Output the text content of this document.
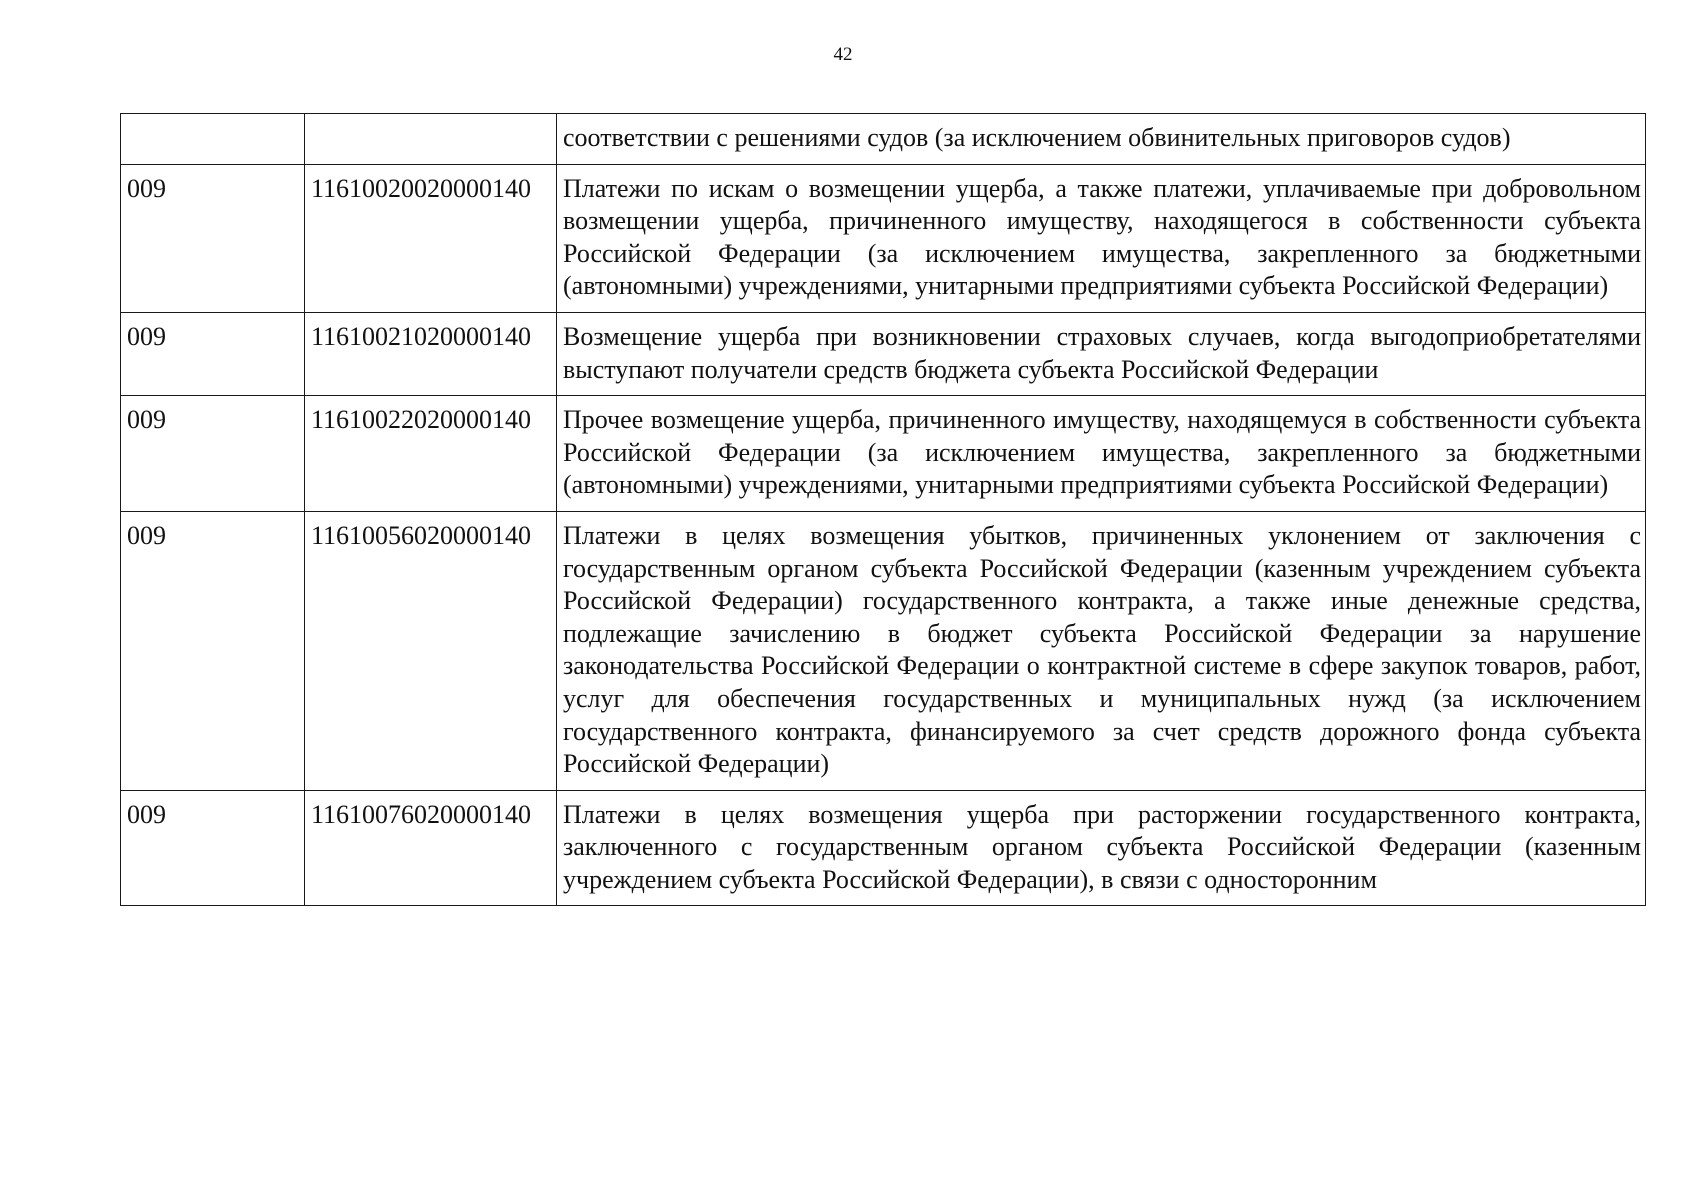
42
		соответствии с решениями судов (за исключением обвинительных приговоров судов)
009	11610020020000140	Платежи по искам о возмещении ущерба, а также платежи, уплачиваемые при добровольном возмещении ущерба, причиненного имуществу, находящегося в собственности субъекта Российской Федерации (за исключением имущества, закрепленного за бюджетными (автономными) учреждениями, унитарными предприятиями субъекта Российской Федерации)
009	11610021020000140	Возмещение ущерба при возникновении страховых случаев, когда выгодоприобретателями выступают получатели средств бюджета субъекта Российской Федерации
009	11610022020000140	Прочее возмещение ущерба, причиненного имуществу, находящемуся в собственности субъекта Российской Федерации (за исключением имущества, закрепленного за бюджетными (автономными) учреждениями, унитарными предприятиями субъекта Российской Федерации)
009	11610056020000140	Платежи в целях возмещения убытков, причиненных уклонением от заключения с государственным органом субъекта Российской Федерации (казенным учреждением субъекта Российской Федерации) государственного контракта, а также иные денежные средства, подлежащие зачислению в бюджет субъекта Российской Федерации за нарушение законодательства Российской Федерации о контрактной системе в сфере закупок товаров, работ, услуг для обеспечения государственных и муниципальных нужд (за исключением государственного контракта, финансируемого за счет средств дорожного фонда субъекта Российской Федерации)
009	11610076020000140	Платежи в целях возмещения ущерба при расторжении государственного контракта, заключенного с государственным органом субъекта Российской Федерации (казенным учреждением субъекта Российской Федерации), в связи с односторонним
